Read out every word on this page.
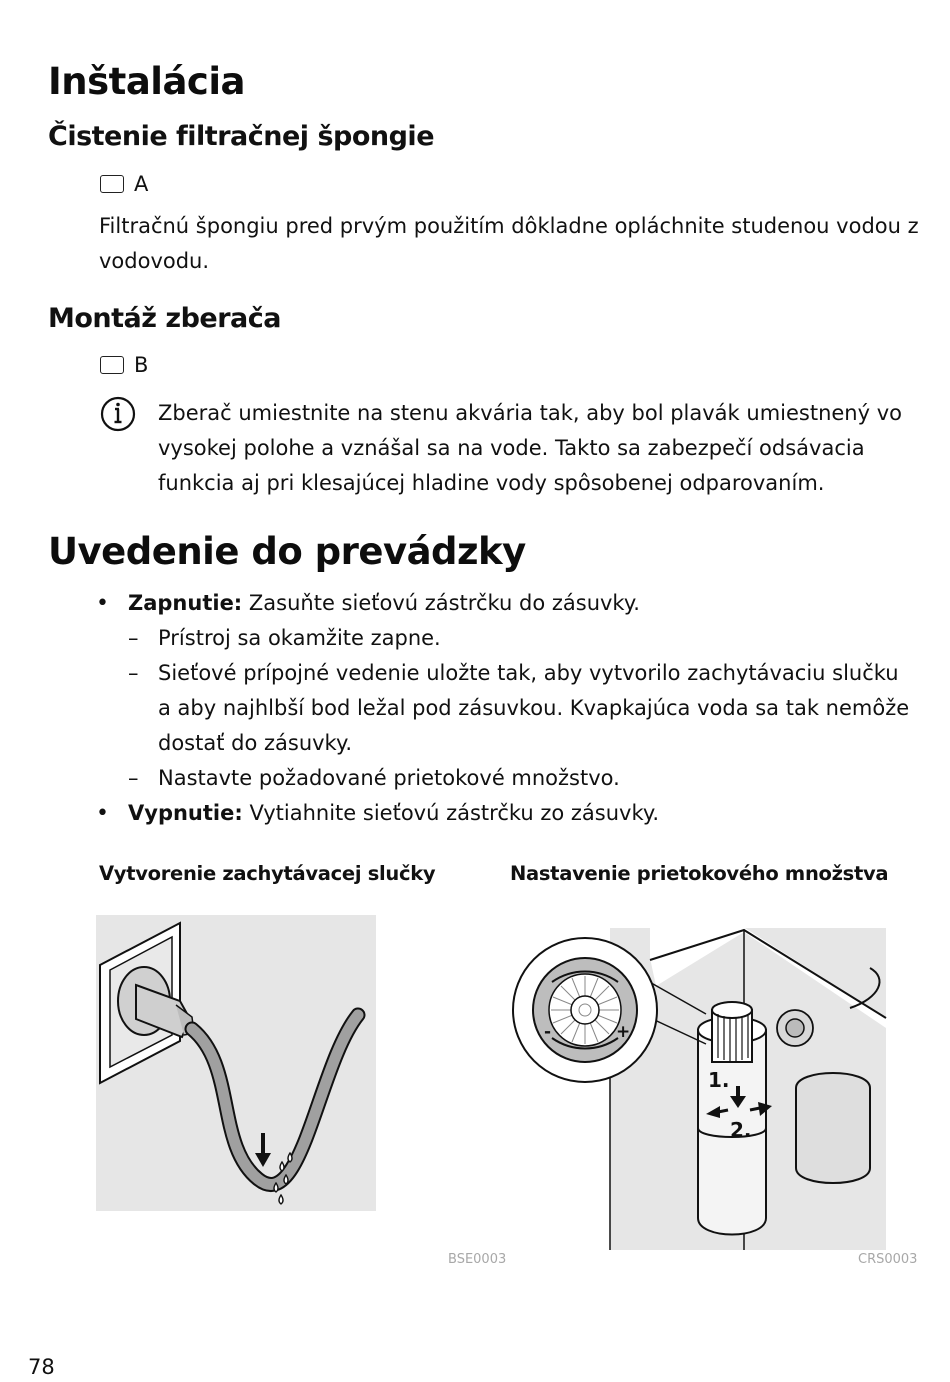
Inštalácia
Čistenie filtračnej špongie
A

Filtračnú špongiu pred prvým použitím dôkladne opláchnite studenou vodou z vodovodu.

Montáž zberača
B

Zberač umiestnite na stenu akvária tak, aby bol plavák umiestnený vo vysokej polohe a vznášal sa na vode. Takto sa zabezpečí odsávacia funkcia aj pri klesajúcej hladine vody spôsobenej odparovaním.

Uvedenie do prevádzky
• Zapnutie: Zasuňte sieťovú zástrčku do zásuvky.
– Prístroj sa okamžite zapne.
– Sieťové prípojné vedenie uložte tak, aby vytvorilo zachytávaciu slučku a aby najhlbší bod ležal pod zásuvkou. Kvapkajúca voda sa tak nemôže dostať do zásuvky.
– Nastavte požadované prietokové množstvo.
• Vypnutie: Vytiahnite sieťovú zástrčku zo zásuvky.
Vytvorenie zachytávacej slučky	Nastavenie prietokového množstva
-	+
1.
2.
BSE0003	CRS0003
78
